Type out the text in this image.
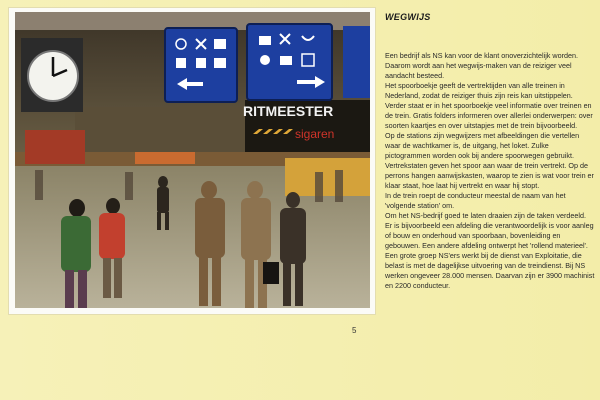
RITMEESTER
sigaren
WEGWIJS

Een bedrijf als NS kan voor de klant onoverzichtelijk worden. Daarom wordt aan het wegwijs-maken van de reiziger veel aandacht besteed.

Het spoorboekje geeft de vertrektijden van alle treinen in Nederland, zodat de reiziger thuis zijn reis kan uitstippelen. Verder staat er in het spoorboekje veel informatie over treinen en de trein. Gratis folders informeren over allerlei onderwerpen: over soorten kaartjes en over uitstapjes met de trein bijvoorbeeld.

Op de stations zijn wegwijzers met afbeeldingen die vertellen waar de wachtkamer is, de uitgang, het loket. Zulke pictogrammen worden ook bij andere spoorwegen gebruikt.

Vertrekstaten geven het spoor aan waar de trein vertrekt. Op de perrons hangen aanwijskasten, waarop te zien is wat voor trein er klaar staat, hoe laat hij vertrekt en waar hij stopt.

In de trein roept de conducteur meestal de naam van het 'volgende station' om.

Om het NS-bedrijf goed te laten draaien zijn de taken verdeeld. Er is bijvoorbeeld een afdeling die verantwoordelijk is voor aanleg of bouw en onderhoud van spoorbaan, bovenleiding en gebouwen. Een andere afdeling ontwerpt het 'rollend materieel'. Een grote groep NS'ers werkt bij de dienst van Exploitatie, die belast is met de dagelijkse uitvoering van de treindienst. Bij NS werken ongeveer 28.000 mensen. Daarvan zijn er 3900 machinist en 2200 conducteur.

5
